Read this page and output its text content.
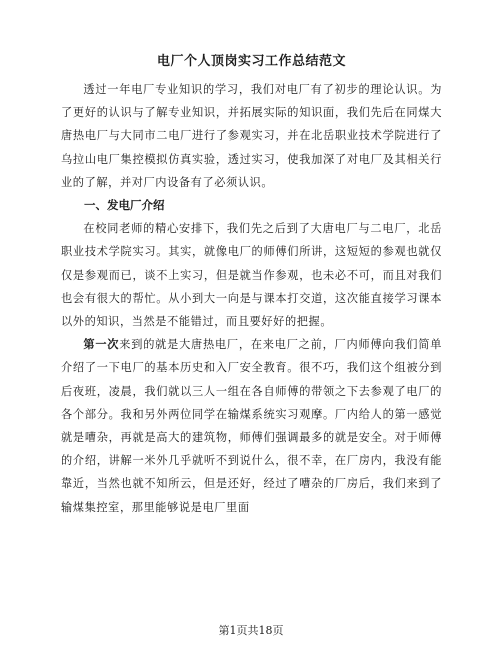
电厂个人顶岗实习工作总结范文

透过一年电厂专业知识的学习，我们对电厂有了初步的理论认识。为了更好的认识与了解专业知识，并拓展实际的知识面，我们先后在同煤大唐热电厂与大同市二电厂进行了参观实习，并在北岳职业技术学院进行了乌拉山电厂集控模拟仿真实验，透过实习，使我加深了对电厂及其相关行业的了解，并对厂内设备有了必须认识。

一、发电厂介绍

在校同老师的精心安排下，我们先之后到了大唐电厂与二电厂，北岳职业技术学院实习。其实，就像电厂的师傅们所讲，这短短的参观也就仅仅是参观而已，谈不上实习，但是就当作参观，也未必不可，而且对我们也会有很大的帮忙。从小到大一向是与课本打交道，这次能直接学习课本以外的知识，当然是不能错过，而且要好好的把握。

第一次来到的就是大唐热电厂，在来电厂之前，厂内师傅向我们简单介绍了一下电厂的基本历史和入厂安全教育。很不巧，我们这个组被分到后夜班，凌晨，我们就以三人一组在各自师傅的带领之下去参观了电厂的各个部分。我和另外两位同学在输煤系统实习观摩。厂内给人的第一感觉就是嘈杂，再就是高大的建筑物，师傅们强调最多的就是安全。对于师傅的介绍，讲解一米外几乎就听不到说什么，很不幸，在厂房内，我没有能靠近，当然也就不知所云，但是还好，经过了嘈杂的厂房后，我们来到了输煤集控室，那里能够说是电厂里面

第1页共18页
